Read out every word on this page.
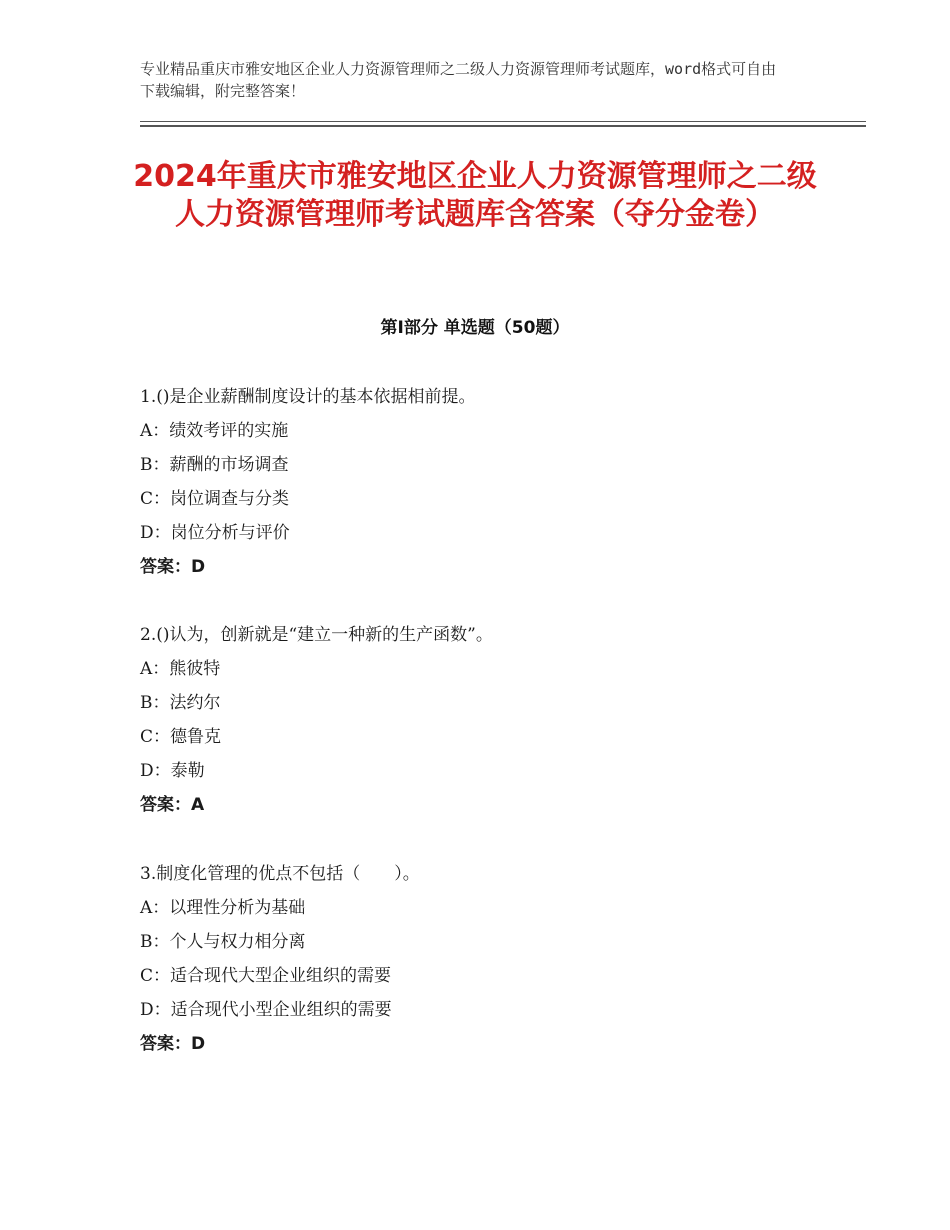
专业精品重庆市雅安地区企业人力资源管理师之二级人力资源管理师考试题库，word格式可自由下载编辑，附完整答案！
2024年重庆市雅安地区企业人力资源管理师之二级人力资源管理师考试题库含答案（夺分金卷）
第Ⅰ部分 单选题（50题）
1.()是企业薪酬制度设计的基本依据相前提。
A：绩效考评的实施
B：薪酬的市场调查
C：岗位调查与分类
D：岗位分析与评价
答案：D
2.()认为，创新就是“建立一种新的生产函数”。
A：熊彼特
B：法约尔
C：德鲁克
D：泰勒
答案：A
3.制度化管理的优点不包括（　　）。
A：以理性分析为基础
B：个人与权力相分离
C：适合现代大型企业组织的需要
D：适合现代小型企业组织的需要
答案：D
